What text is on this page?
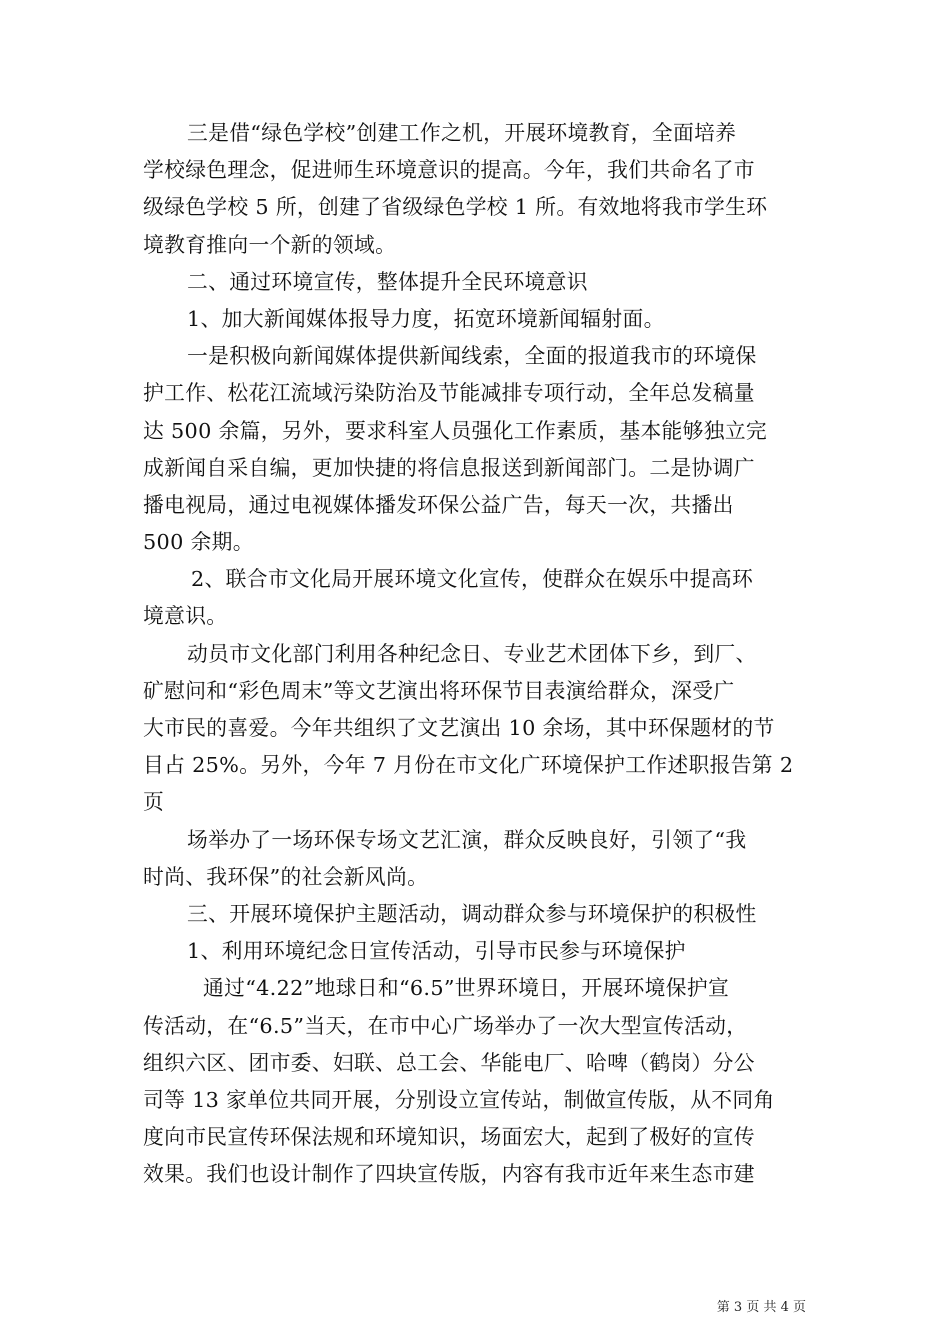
三是借“绿色学校”创建工作之机，开展环境教育，全面培养
学校绿色理念，促进师生环境意识的提高。今年，我们共命名了市
级绿色学校 5 所，创建了省级绿色学校 1 所。有效地将我市学生环
境教育推向一个新的领域。
二、通过环境宣传，整体提升全民环境意识
1、加大新闻媒体报导力度，拓宽环境新闻辐射面。
一是积极向新闻媒体提供新闻线索，全面的报道我市的环境保
护工作、松花江流域污染防治及节能减排专项行动，全年总发稿量
达 500 余篇，另外，要求科室人员强化工作素质，基本能够独立完
成新闻自采自编，更加快捷的将信息报送到新闻部门。二是协调广
播电视局，通过电视媒体播发环保公益广告，每天一次，共播出
500 余期。
2、联合市文化局开展环境文化宣传，使群众在娱乐中提高环
境意识。
动员市文化部门利用各种纪念日、专业艺术团体下乡，到厂、
矿慰问和“彩色周末”等文艺演出将环保节目表演给群众，深受广
大市民的喜爱。今年共组织了文艺演出 10 余场，其中环保题材的节
目占 25%。另外，今年 7 月份在市文化广环境保护工作述职报告第 2
页
场举办了一场环保专场文艺汇演，群众反映良好，引领了“我
时尚、我环保”的社会新风尚。
三、开展环境保护主题活动，调动群众参与环境保护的积极性
1、利用环境纪念日宣传活动，引导市民参与环境保护
通过“4.22”地球日和“6.5”世界环境日，开展环境保护宣
传活动，在“6.5”当天，在市中心广场举办了一次大型宣传活动，
组织六区、团市委、妇联、总工会、华能电厂、哈啤（鹤岗）分公
司等 13 家单位共同开展，分别设立宣传站，制做宣传版，从不同角
度向市民宣传环保法规和环境知识，场面宏大，起到了极好的宣传
效果。我们也设计制作了四块宣传版，内容有我市近年来生态市建
第 3 页 共 4 页
